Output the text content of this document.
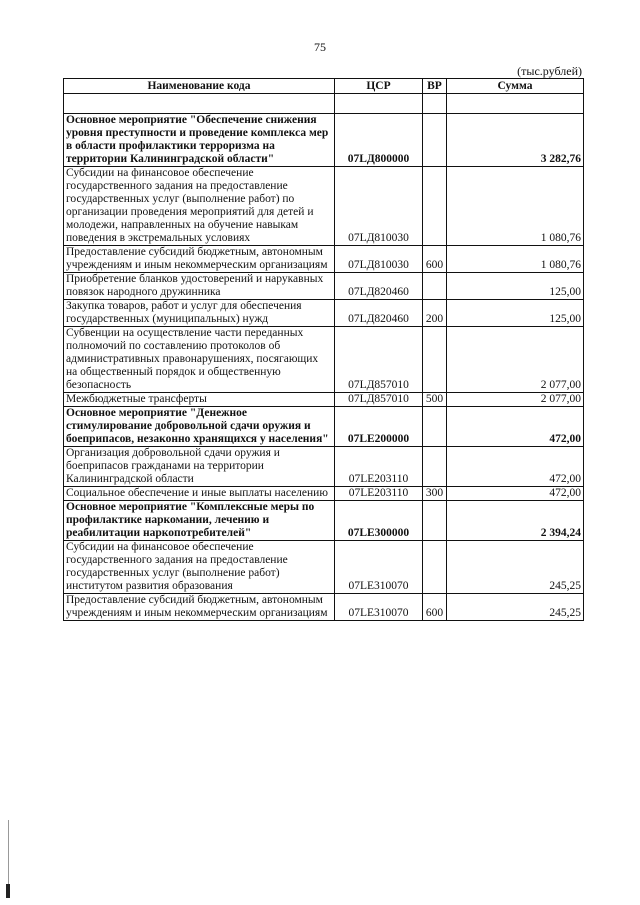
75
(тыс.рублей)
Наименование кода	ЦСР	ВР	Сумма

Основное мероприятие "Обеспечение снижения уровня преступности и проведение комплекса мер в области профилактики терроризма на территории Калининградской области"	07LД800000		3 282,76
Субсидии на финансовое обеспечение государственного задания на предоставление государственных услуг (выполнение работ) по организации проведения мероприятий для детей и молодежи, направленных на обучение навыкам поведения в экстремальных условиях	07LД810030		1 080,76
Предоставление субсидий бюджетным, автономным учреждениям и иным некоммерческим организациям	07LД810030	600	1 080,76
Приобретение бланков удостоверений и нарукавных повязок народного дружинника	07LД820460		125,00
Закупка товаров, работ и услуг для обеспечения государственных (муниципальных) нужд	07LД820460	200	125,00
Субвенции на осуществление части переданных полномочий по составлению протоколов об административных правонарушениях, посягающих на общественный порядок и общественную безопасность	07LД857010		2 077,00
Межбюджетные трансферты	07LД857010	500	2 077,00
Основное мероприятие "Денежное стимулирование добровольной сдачи оружия и боеприпасов, незаконно хранящихся у населения"	07LE200000		472,00
Организация добровольной сдачи оружия и боеприпасов гражданами на территории Калининградской области	07LE203110		472,00
Социальное обеспечение и иные выплаты населению	07LE203110	300	472,00
Основное мероприятие "Комплексные меры по профилактике наркомании, лечению и реабилитации наркопотребителей"	07LE300000		2 394,24
Субсидии на финансовое обеспечение государственного задания на предоставление государственных услуг (выполнение работ) институтом развития образования	07LE310070		245,25
Предоставление субсидий бюджетным, автономным учреждениям и иным некоммерческим организациям	07LE310070	600	245,25
